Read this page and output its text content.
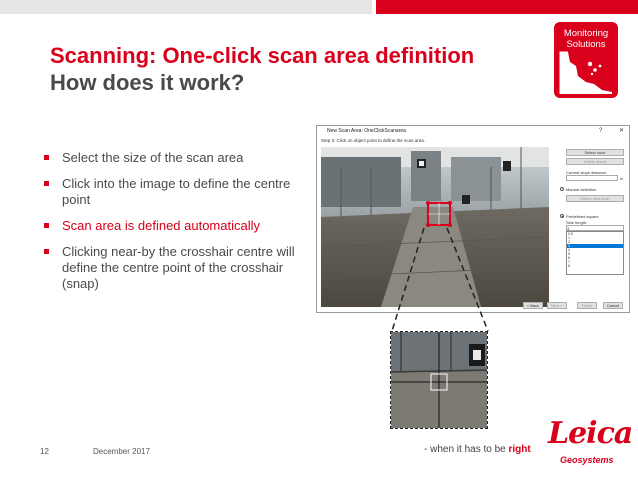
Scanning: One-click scan area definition
How does it work?
Monitoring
Solutions
Select the size of the scan area
Click into the image to define the centre point
Scan area is defined automatically
Clicking near-by the crosshair centre will define the centre point of the crosshair (snap)
New Scan Area: OneClickScanarea	?	✕
Step 3: Click on object point to define the scan area.
Select color
Delete areas
Current slope distance:
m
Manual definition
Select new scan
Predefined square
Side length:
3
0.5
1
2
3
4
5
6
7
8
< Back	Next >	Finish	Cancel
12	December 2017	- when it has to be right Leica
Geosystems
